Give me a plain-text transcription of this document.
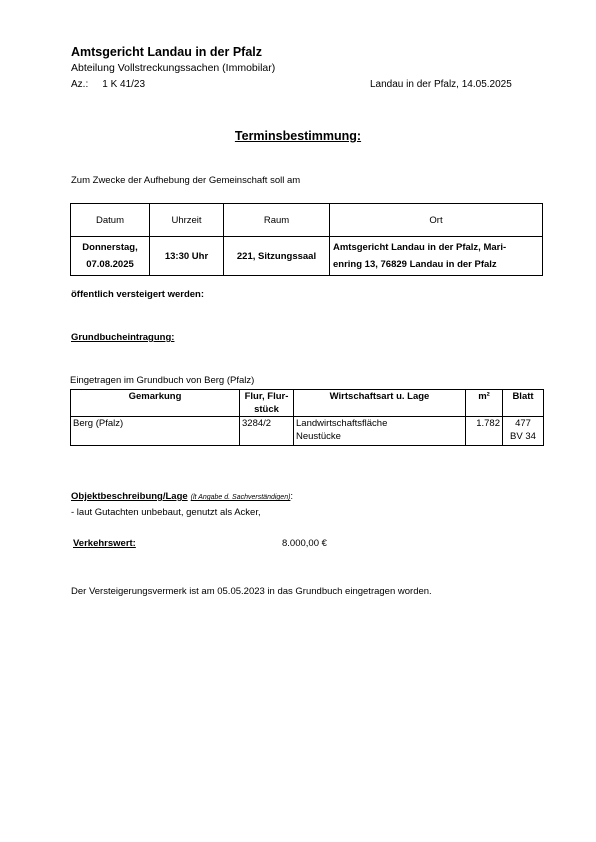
Amtsgericht Landau in der Pfalz
Abteilung Vollstreckungssachen (Immobilar)
Az.: 1 K 41/23	Landau in der Pfalz, 14.05.2025
Terminsbestimmung:
Zum Zwecke der Aufhebung der Gemeinschaft soll am
Datum	Uhrzeit	Raum	Ort
Donnerstag,
07.08.2025	13:30 Uhr	221, Sitzungssaal	Amtsgericht Landau in der Pfalz, Mari-
enring 13, 76829 Landau in der Pfalz
öffentlich versteigert werden:
Grundbucheintragung:
Eingetragen im Grundbuch von Berg (Pfalz)
Gemarkung	Flur, Flur-
stück	Wirtschaftsart u. Lage	m²	Blatt
Berg (Pfalz)	3284/2	Landwirtschaftsfläche
Neustücke	1.782	477
BV 34
Objektbeschreibung/Lage (lt Angabe d. Sachverständigen):
- laut Gutachten unbebaut, genutzt als Acker,
Verkehrswert:	8.000,00 €
Der Versteigerungsvermerk ist am 05.05.2023 in das Grundbuch eingetragen worden.
